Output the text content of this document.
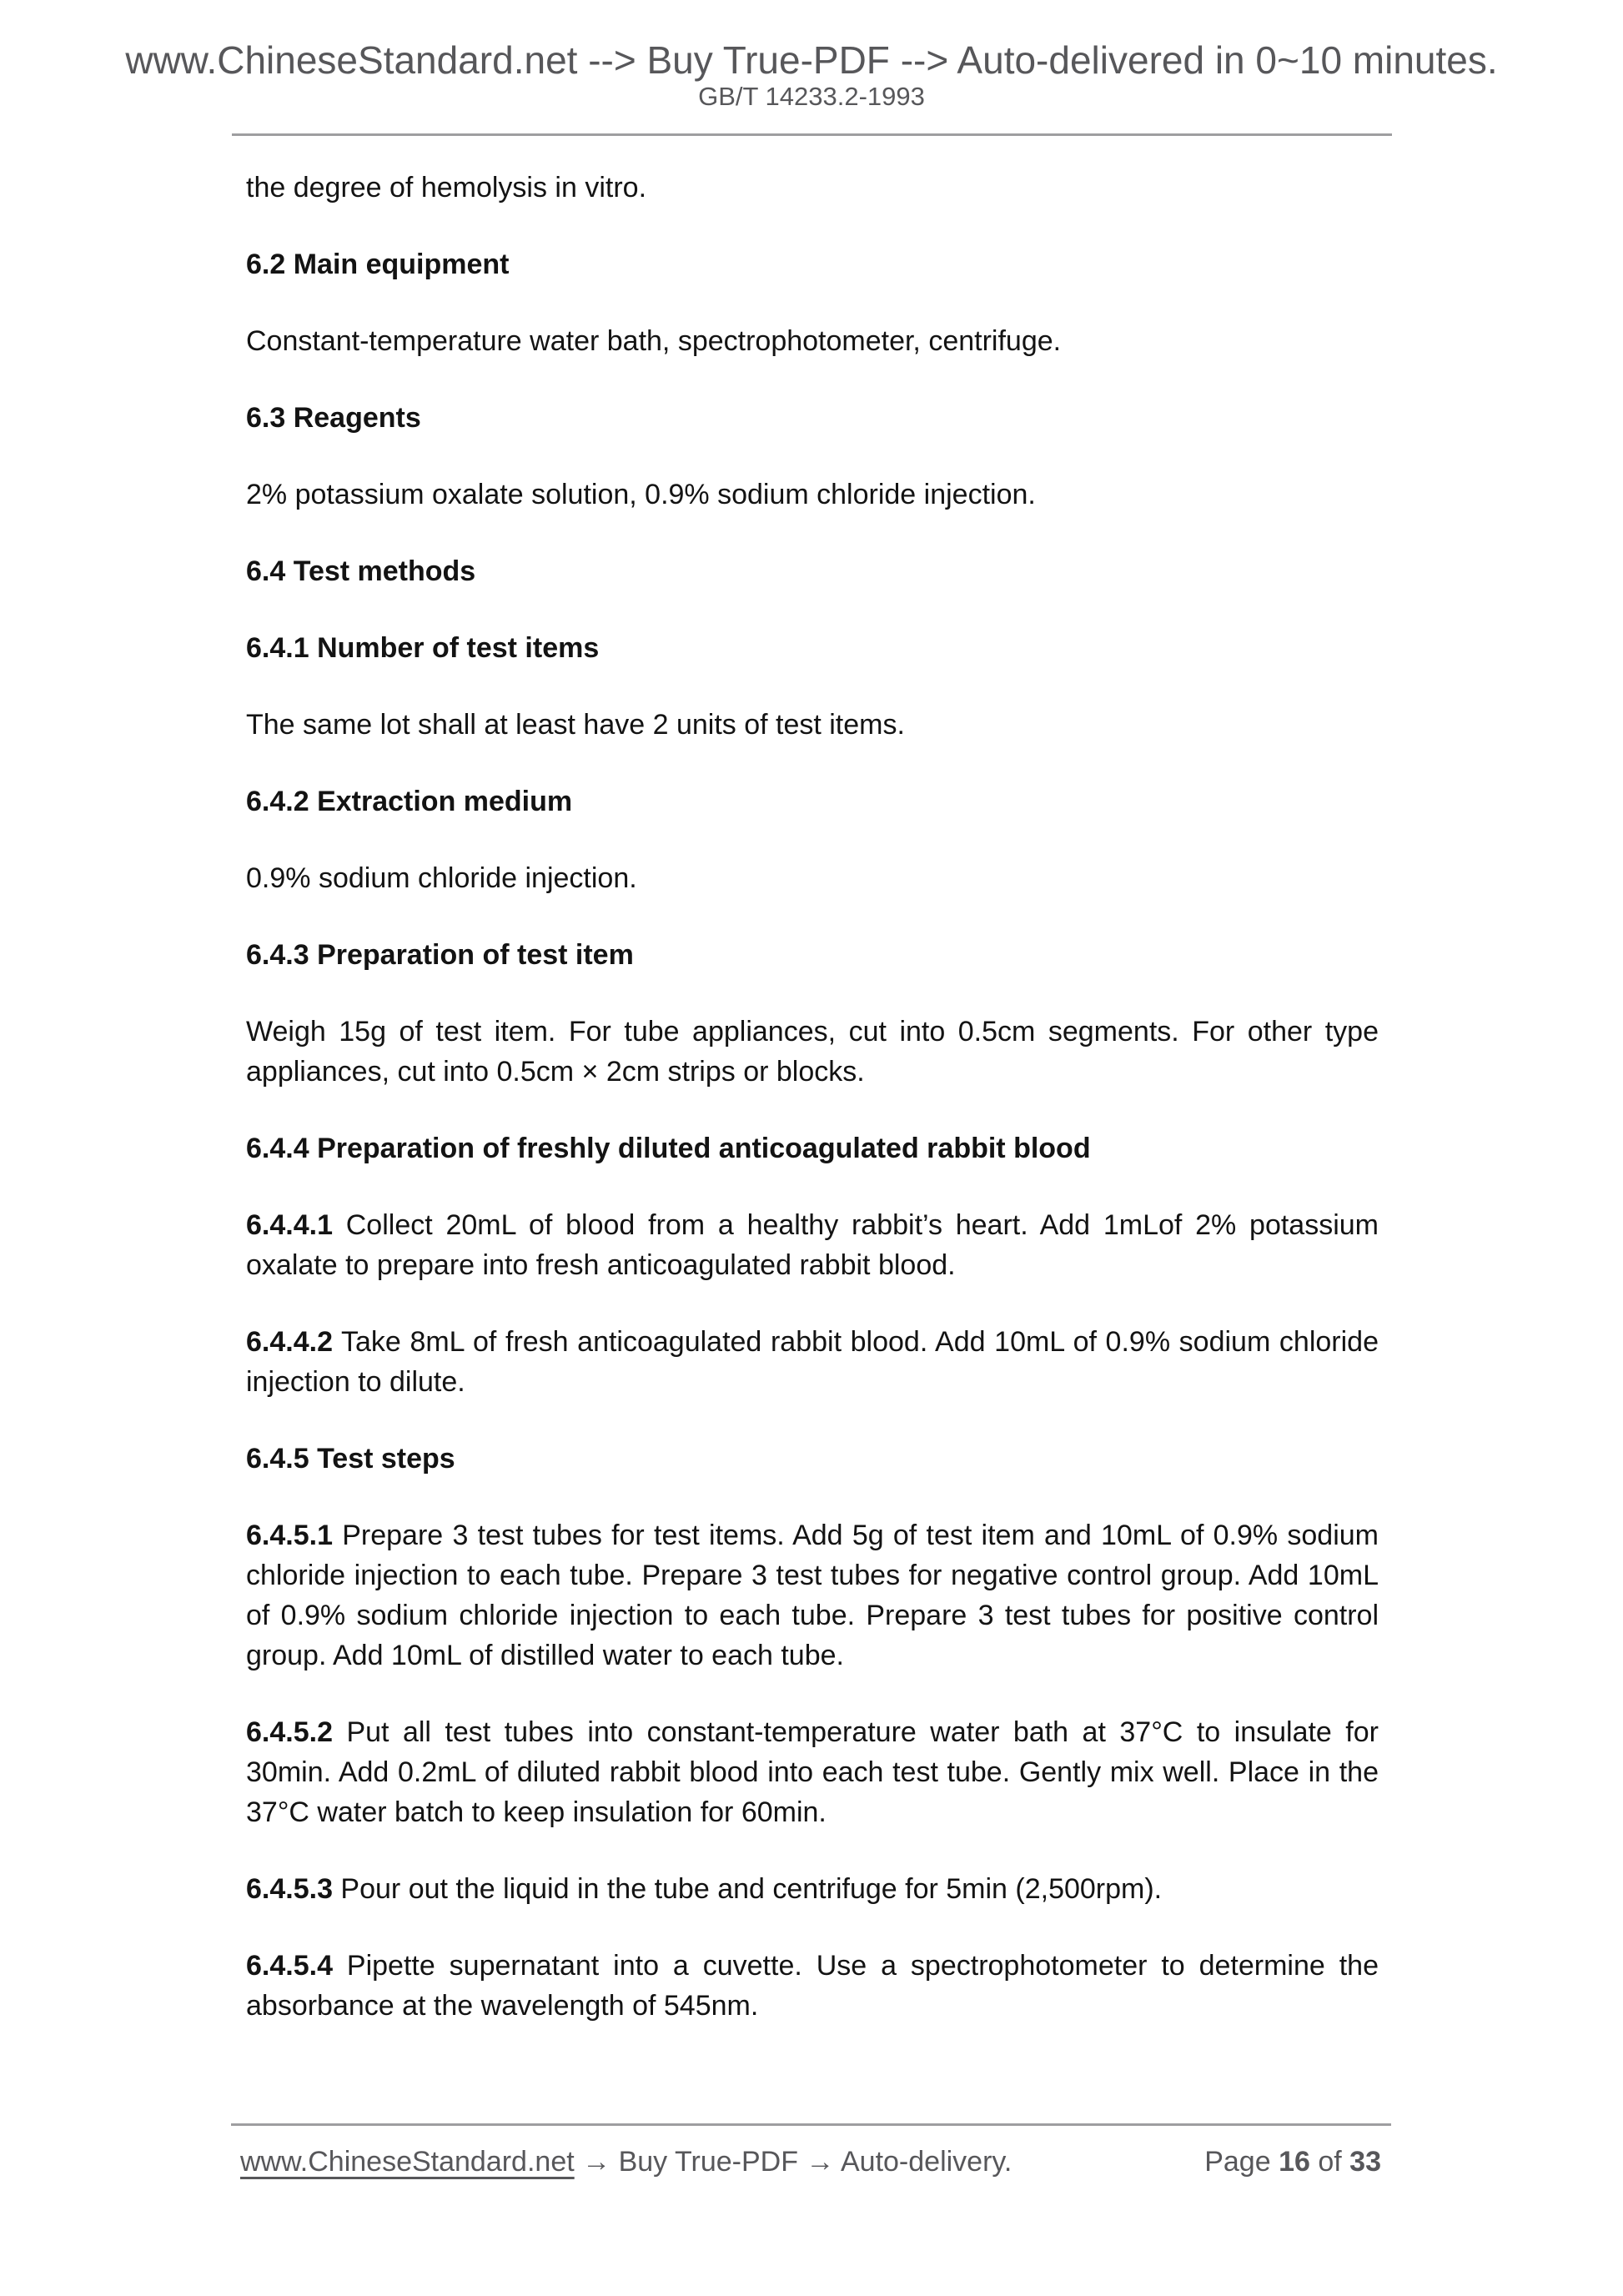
www.ChineseStandard.net --> Buy True-PDF --> Auto-delivered in 0~10 minutes.
GB/T 14233.2-1993

the degree of hemolysis in vitro.

6.2 Main equipment

Constant-temperature water bath, spectrophotometer, centrifuge.

6.3 Reagents

2% potassium oxalate solution, 0.9% sodium chloride injection.

6.4 Test methods
6.4.1 Number of test items

The same lot shall at least have 2 units of test items.

6.4.2 Extraction medium

0.9% sodium chloride injection.

6.4.3 Preparation of test item

Weigh 15g of test item. For tube appliances, cut into 0.5cm segments. For other type appliances, cut into 0.5cm × 2cm strips or blocks.

6.4.4 Preparation of freshly diluted anticoagulated rabbit blood

6.4.4.1 Collect 20mL of blood from a healthy rabbit’s heart. Add 1mLof 2% potassium oxalate to prepare into fresh anticoagulated rabbit blood.

6.4.4.2 Take 8mL of fresh anticoagulated rabbit blood. Add 10mL of 0.9% sodium chloride injection to dilute.

6.4.5 Test steps

6.4.5.1 Prepare 3 test tubes for test items. Add 5g of test item and 10mL of 0.9% sodium chloride injection to each tube. Prepare 3 test tubes for negative control group. Add 10mL of 0.9% sodium chloride injection to each tube. Prepare 3 test tubes for positive control group. Add 10mL of distilled water to each tube.

6.4.5.2 Put all test tubes into constant-temperature water bath at 37°C to insulate for 30min. Add 0.2mL of diluted rabbit blood into each test tube. Gently mix well. Place in the 37°C water batch to keep insulation for 60min.

6.4.5.3 Pour out the liquid in the tube and centrifuge for 5min (2,500rpm).

6.4.5.4 Pipette supernatant into a cuvette. Use a spectrophotometer to determine the absorbance at the wavelength of 545nm.

www.ChineseStandard.net → Buy True-PDF → Auto-delivery.	Page 16 of 33
